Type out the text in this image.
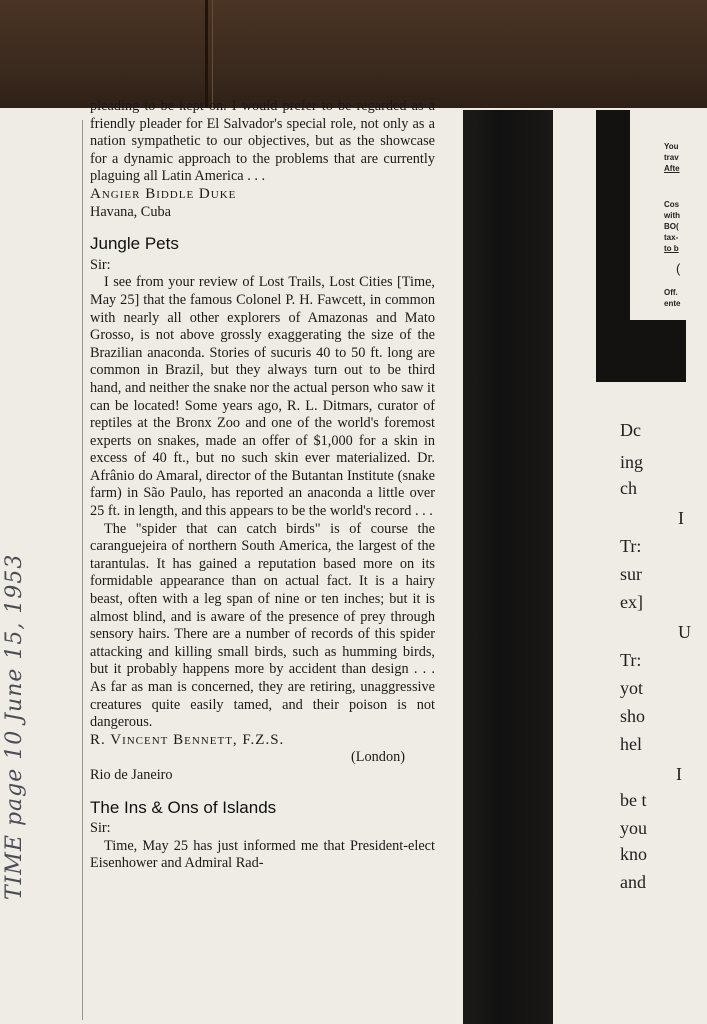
pleading to be kept on. I would prefer to be regarded as a friendly pleader for El Salvador's special role, not only as a nation sympathetic to our objectives, but as the showcase for a dynamic approach to the problems that are currently plaguing all Latin America . . .

Angier Biddle Duke

Havana, Cuba

Jungle Pets

Sir:

I see from your review of Lost Trails, Lost Cities [Time, May 25] that the famous Colonel P. H. Fawcett, in common with nearly all other explorers of Amazonas and Mato Grosso, is not above grossly exaggerating the size of the Brazilian anaconda. Stories of sucuris 40 to 50 ft. long are common in Brazil, but they always turn out to be third hand, and neither the snake nor the actual person who saw it can be located! Some years ago, R. L. Ditmars, curator of reptiles at the Bronx Zoo and one of the world's foremost experts on snakes, made an offer of $1,000 for a skin in excess of 40 ft., but no such skin ever materialized. Dr. Afrânio do Amaral, director of the Butantan Institute (snake farm) in São Paulo, has reported an anaconda a little over 25 ft. in length, and this appears to be the world's record . . .

The "spider that can catch birds" is of course the caranguejeira of northern South America, the largest of the tarantulas. It has gained a reputation based more on its formidable appearance than on actual fact. It is a hairy beast, often with a leg span of nine or ten inches; but it is almost blind, and is aware of the presence of prey through sensory hairs. There are a number of records of this spider attacking and killing small birds, such as humming birds, but it probably happens more by accident than design . . . As far as man is concerned, they are retiring, unaggressive creatures quite easily tamed, and their poison is not dangerous.

R. Vincent Bennett, F.Z.S.

(London)

Rio de Janeiro

The Ins & Ons of Islands

Sir:

Time, May 25 has just informed me that President-elect Eisenhower and Admiral Rad-

Dc
ing
ch
I
Tr:
sur
ex]
U
Tr:
yot
sho
hel
I
be t
you
kno
and
You
trav
Afte
Cos
with
BO(
tax-
to b
(
Off.
ente
TIME page 10 June 15, 1953
